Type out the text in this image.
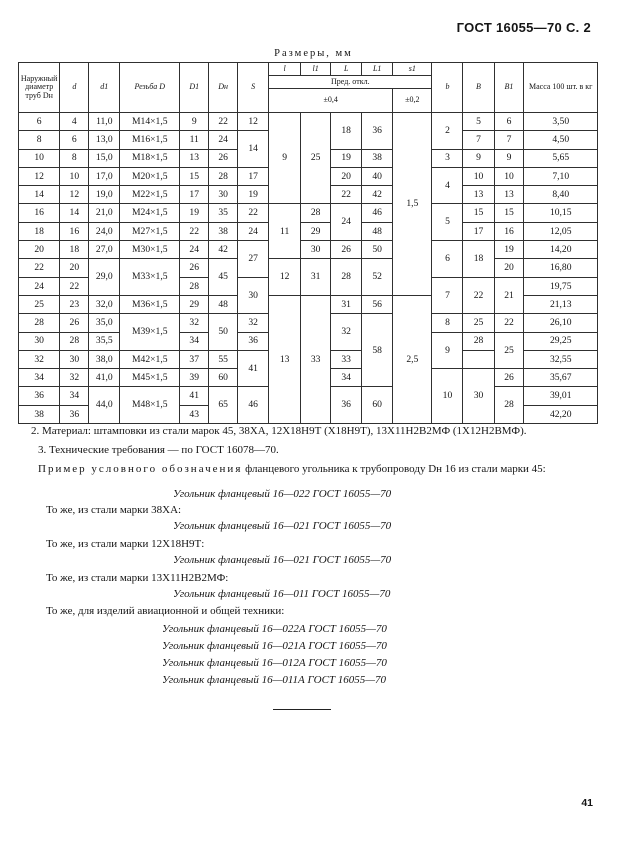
ГОСТ 16055—70 С. 2
Размеры, мм
Наружный диаметр труб Dн	d	d1	Резьба D	D1	Dн	S	l	l1	L	L1	s1	b	B	B1	Масса 100 шт. в кг
							Пред. откл.								
							±0,4				±0,2				
6	4	11,0	M14×1,5	9	22	12	9	25	18	36	1,5	2	5	6	3,50
8	6	13,0	M16×1,5	11	24	14							7	7	4,50
10	8	15,0	M18×1,5	13	26				19	38		3	9	9	5,65
12	10	17,0	M20×1,5	15	28	17			20	40		4	10	10	7,10
14	12	19,0	M22×1,5	17	30	19			22	42			13	13	8,40
16	14	21,0	M24×1,5	19	35	22	11	28	24	46		5	15	15	10,15
18	16	24,0	M27×1,5	22	38	24		29		48			17	16	12,05
20	18	27,0	M30×1,5	24	42	27		30	26	50		6	18	19	14,20
22	20	29,0	M33×1,5	26	45		12	31	28	52				20	16,80
24	22			28		30						7	22	21	19,75
25	23	32,0	M36×1,5	29	48		13	33	31	56	2,5				21,13
28	26	35,0	M39×1,5	32	50	32			32	58		8	25	22	26,10
30	28	35,5		34		36						9	28	25	29,25
32	30	38,0	M42×1,5	37	55	41			33						32,55
34	32	41,0	M45×1,5	39	60				34			10	30	26	35,67
36	34	44,0	M48×1,5	41	65	46			36	60				28	39,01
38	36			43											42,20
2. Материал: штамповки из стали марок 45, 38ХА, 12Х18Н9Т (Х18Н9Т), 13Х11Н2В2МФ (1Х12Н2ВМФ).
3. Технические требования — по ГОСТ 16078—70.
Пример условного обозначения фланцевого угольника к трубопроводу Dн 16 из стали марки 45:
Угольник фланцевый 16—022 ГОСТ 16055—70
То же, из стали марки 38ХА:
Угольник фланцевый 16—021 ГОСТ 16055—70
То же, из стали марки 12Х18Н9Т:
Угольник фланцевый 16—021 ГОСТ 16055—70
То же, из стали марки 13Х11Н2В2МФ:
Угольник фланцевый 16—011 ГОСТ 16055—70
То же, для изделий авиационной и общей техники:
Угольник фланцевый 16—022А ГОСТ 16055—70
Угольник фланцевый 16—021А ГОСТ 16055—70
Угольник фланцевый 16—012А ГОСТ 16055—70
Угольник фланцевый 16—011А ГОСТ 16055—70
41
